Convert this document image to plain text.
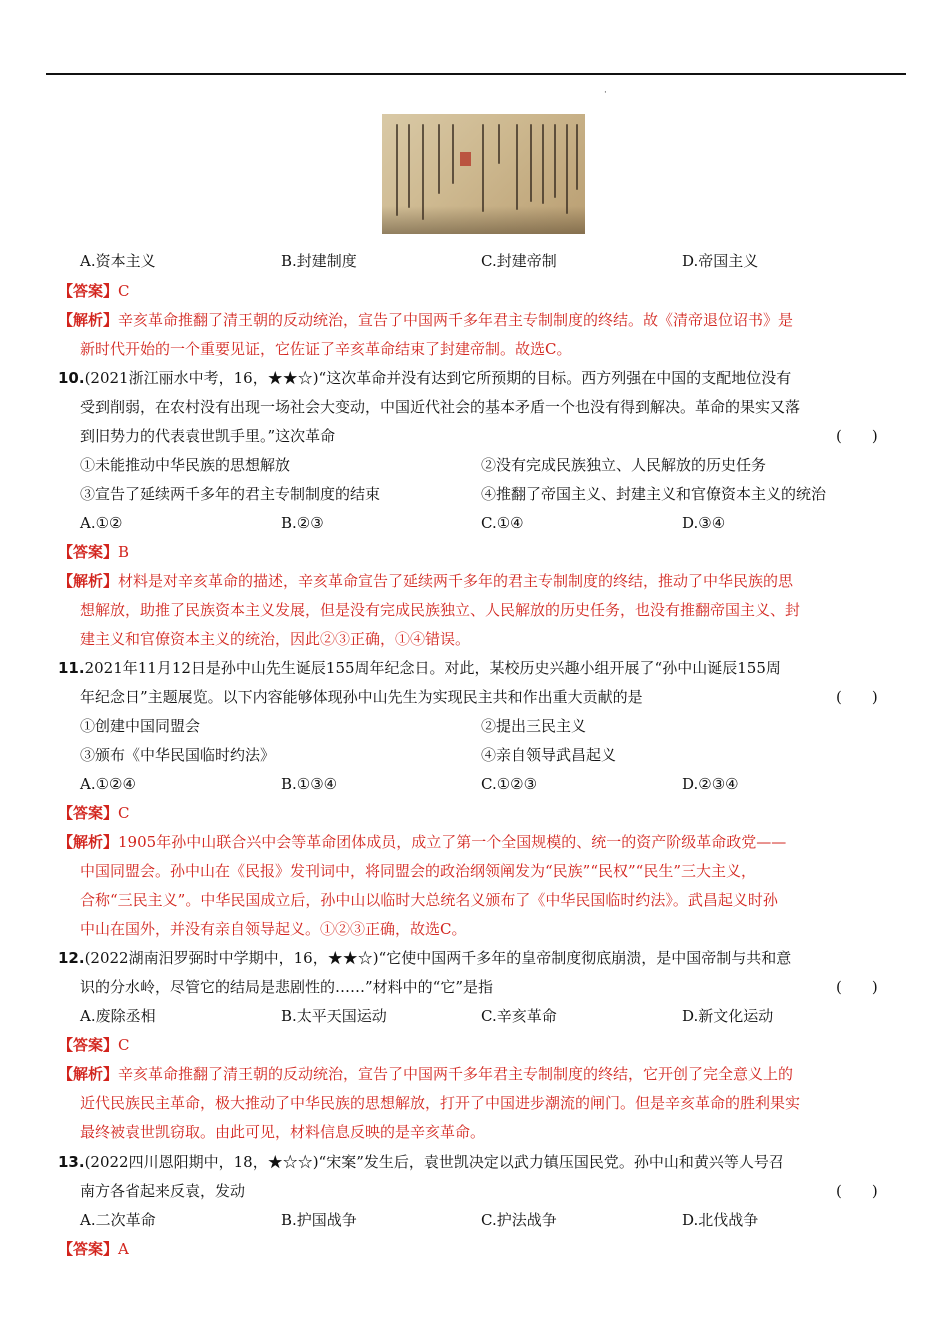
·
A.资本主义	B.封建制度	C.封建帝制	D.帝国主义
【答案】C
【解析】辛亥革命推翻了清王朝的反动统治，宣告了中国两千多年君主专制制度的终结。故《清帝退位诏书》是
新时代开始的一个重要见证，它佐证了辛亥革命结束了封建帝制。故选C。
10.(2021浙江丽水中考，16，★★☆)“这次革命并没有达到它所预期的目标。西方列强在中国的支配地位没有
受到削弱，在农村没有出现一场社会大变动，中国近代社会的基本矛盾一个也没有得到解决。革命的果实又落
到旧势力的代表袁世凯手里。”这次革命	(　　)
①未能推动中华民族的思想解放	②没有完成民族独立、人民解放的历史任务
③宣告了延续两千多年的君主专制制度的结束	④推翻了帝国主义、封建主义和官僚资本主义的统治
A.①②	B.②③	C.①④	D.③④
【答案】B
【解析】材料是对辛亥革命的描述，辛亥革命宣告了延续两千多年的君主专制制度的终结，推动了中华民族的思
想解放，助推了民族资本主义发展，但是没有完成民族独立、人民解放的历史任务，也没有推翻帝国主义、封
建主义和官僚资本主义的统治，因此②③正确，①④错误。
11.2021年11月12日是孙中山先生诞辰155周年纪念日。对此，某校历史兴趣小组开展了“孙中山诞辰155周
年纪念日”主题展览。以下内容能够体现孙中山先生为实现民主共和作出重大贡献的是	(　　)
①创建中国同盟会	②提出三民主义
③颁布《中华民国临时约法》	④亲自领导武昌起义
A.①②④	B.①③④	C.①②③	D.②③④
【答案】C
【解析】1905年孙中山联合兴中会等革命团体成员，成立了第一个全国规模的、统一的资产阶级革命政党——
中国同盟会。孙中山在《民报》发刊词中，将同盟会的政治纲领阐发为“民族”“民权”“民生”三大主义，
合称“三民主义”。中华民国成立后，孙中山以临时大总统名义颁布了《中华民国临时约法》。武昌起义时孙
中山在国外，并没有亲自领导起义。①②③正确，故选C。
12.(2022湖南汨罗弼时中学期中，16，★★☆)“它使中国两千多年的皇帝制度彻底崩溃，是中国帝制与共和意
识的分水岭，尽管它的结局是悲剧性的……”材料中的“它”是指	(　　)
A.废除丞相	B.太平天国运动	C.辛亥革命	D.新文化运动
【答案】C
【解析】辛亥革命推翻了清王朝的反动统治，宣告了中国两千多年君主专制制度的终结，它开创了完全意义上的
近代民族民主革命，极大推动了中华民族的思想解放，打开了中国进步潮流的闸门。但是辛亥革命的胜利果实
最终被袁世凯窃取。由此可见，材料信息反映的是辛亥革命。
13.(2022四川恩阳期中，18，★☆☆)“宋案”发生后，袁世凯决定以武力镇压国民党。孙中山和黄兴等人号召
南方各省起来反袁，发动	(　　)
A.二次革命	B.护国战争	C.护法战争	D.北伐战争
【答案】A
